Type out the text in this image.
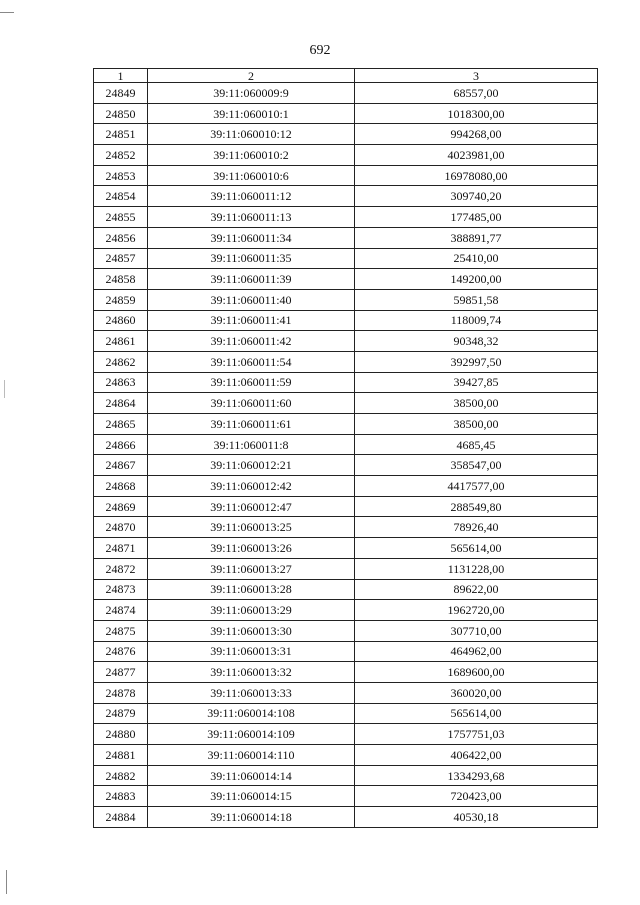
692
1	2	3
24849	39:11:060009:9	68557,00
24850	39:11:060010:1	1018300,00
24851	39:11:060010:12	994268,00
24852	39:11:060010:2	4023981,00
24853	39:11:060010:6	16978080,00
24854	39:11:060011:12	309740,20
24855	39:11:060011:13	177485,00
24856	39:11:060011:34	388891,77
24857	39:11:060011:35	25410,00
24858	39:11:060011:39	149200,00
24859	39:11:060011:40	59851,58
24860	39:11:060011:41	118009,74
24861	39:11:060011:42	90348,32
24862	39:11:060011:54	392997,50
24863	39:11:060011:59	39427,85
24864	39:11:060011:60	38500,00
24865	39:11:060011:61	38500,00
24866	39:11:060011:8	4685,45
24867	39:11:060012:21	358547,00
24868	39:11:060012:42	4417577,00
24869	39:11:060012:47	288549,80
24870	39:11:060013:25	78926,40
24871	39:11:060013:26	565614,00
24872	39:11:060013:27	1131228,00
24873	39:11:060013:28	89622,00
24874	39:11:060013:29	1962720,00
24875	39:11:060013:30	307710,00
24876	39:11:060013:31	464962,00
24877	39:11:060013:32	1689600,00
24878	39:11:060013:33	360020,00
24879	39:11:060014:108	565614,00
24880	39:11:060014:109	1757751,03
24881	39:11:060014:110	406422,00
24882	39:11:060014:14	1334293,68
24883	39:11:060014:15	720423,00
24884	39:11:060014:18	40530,18
